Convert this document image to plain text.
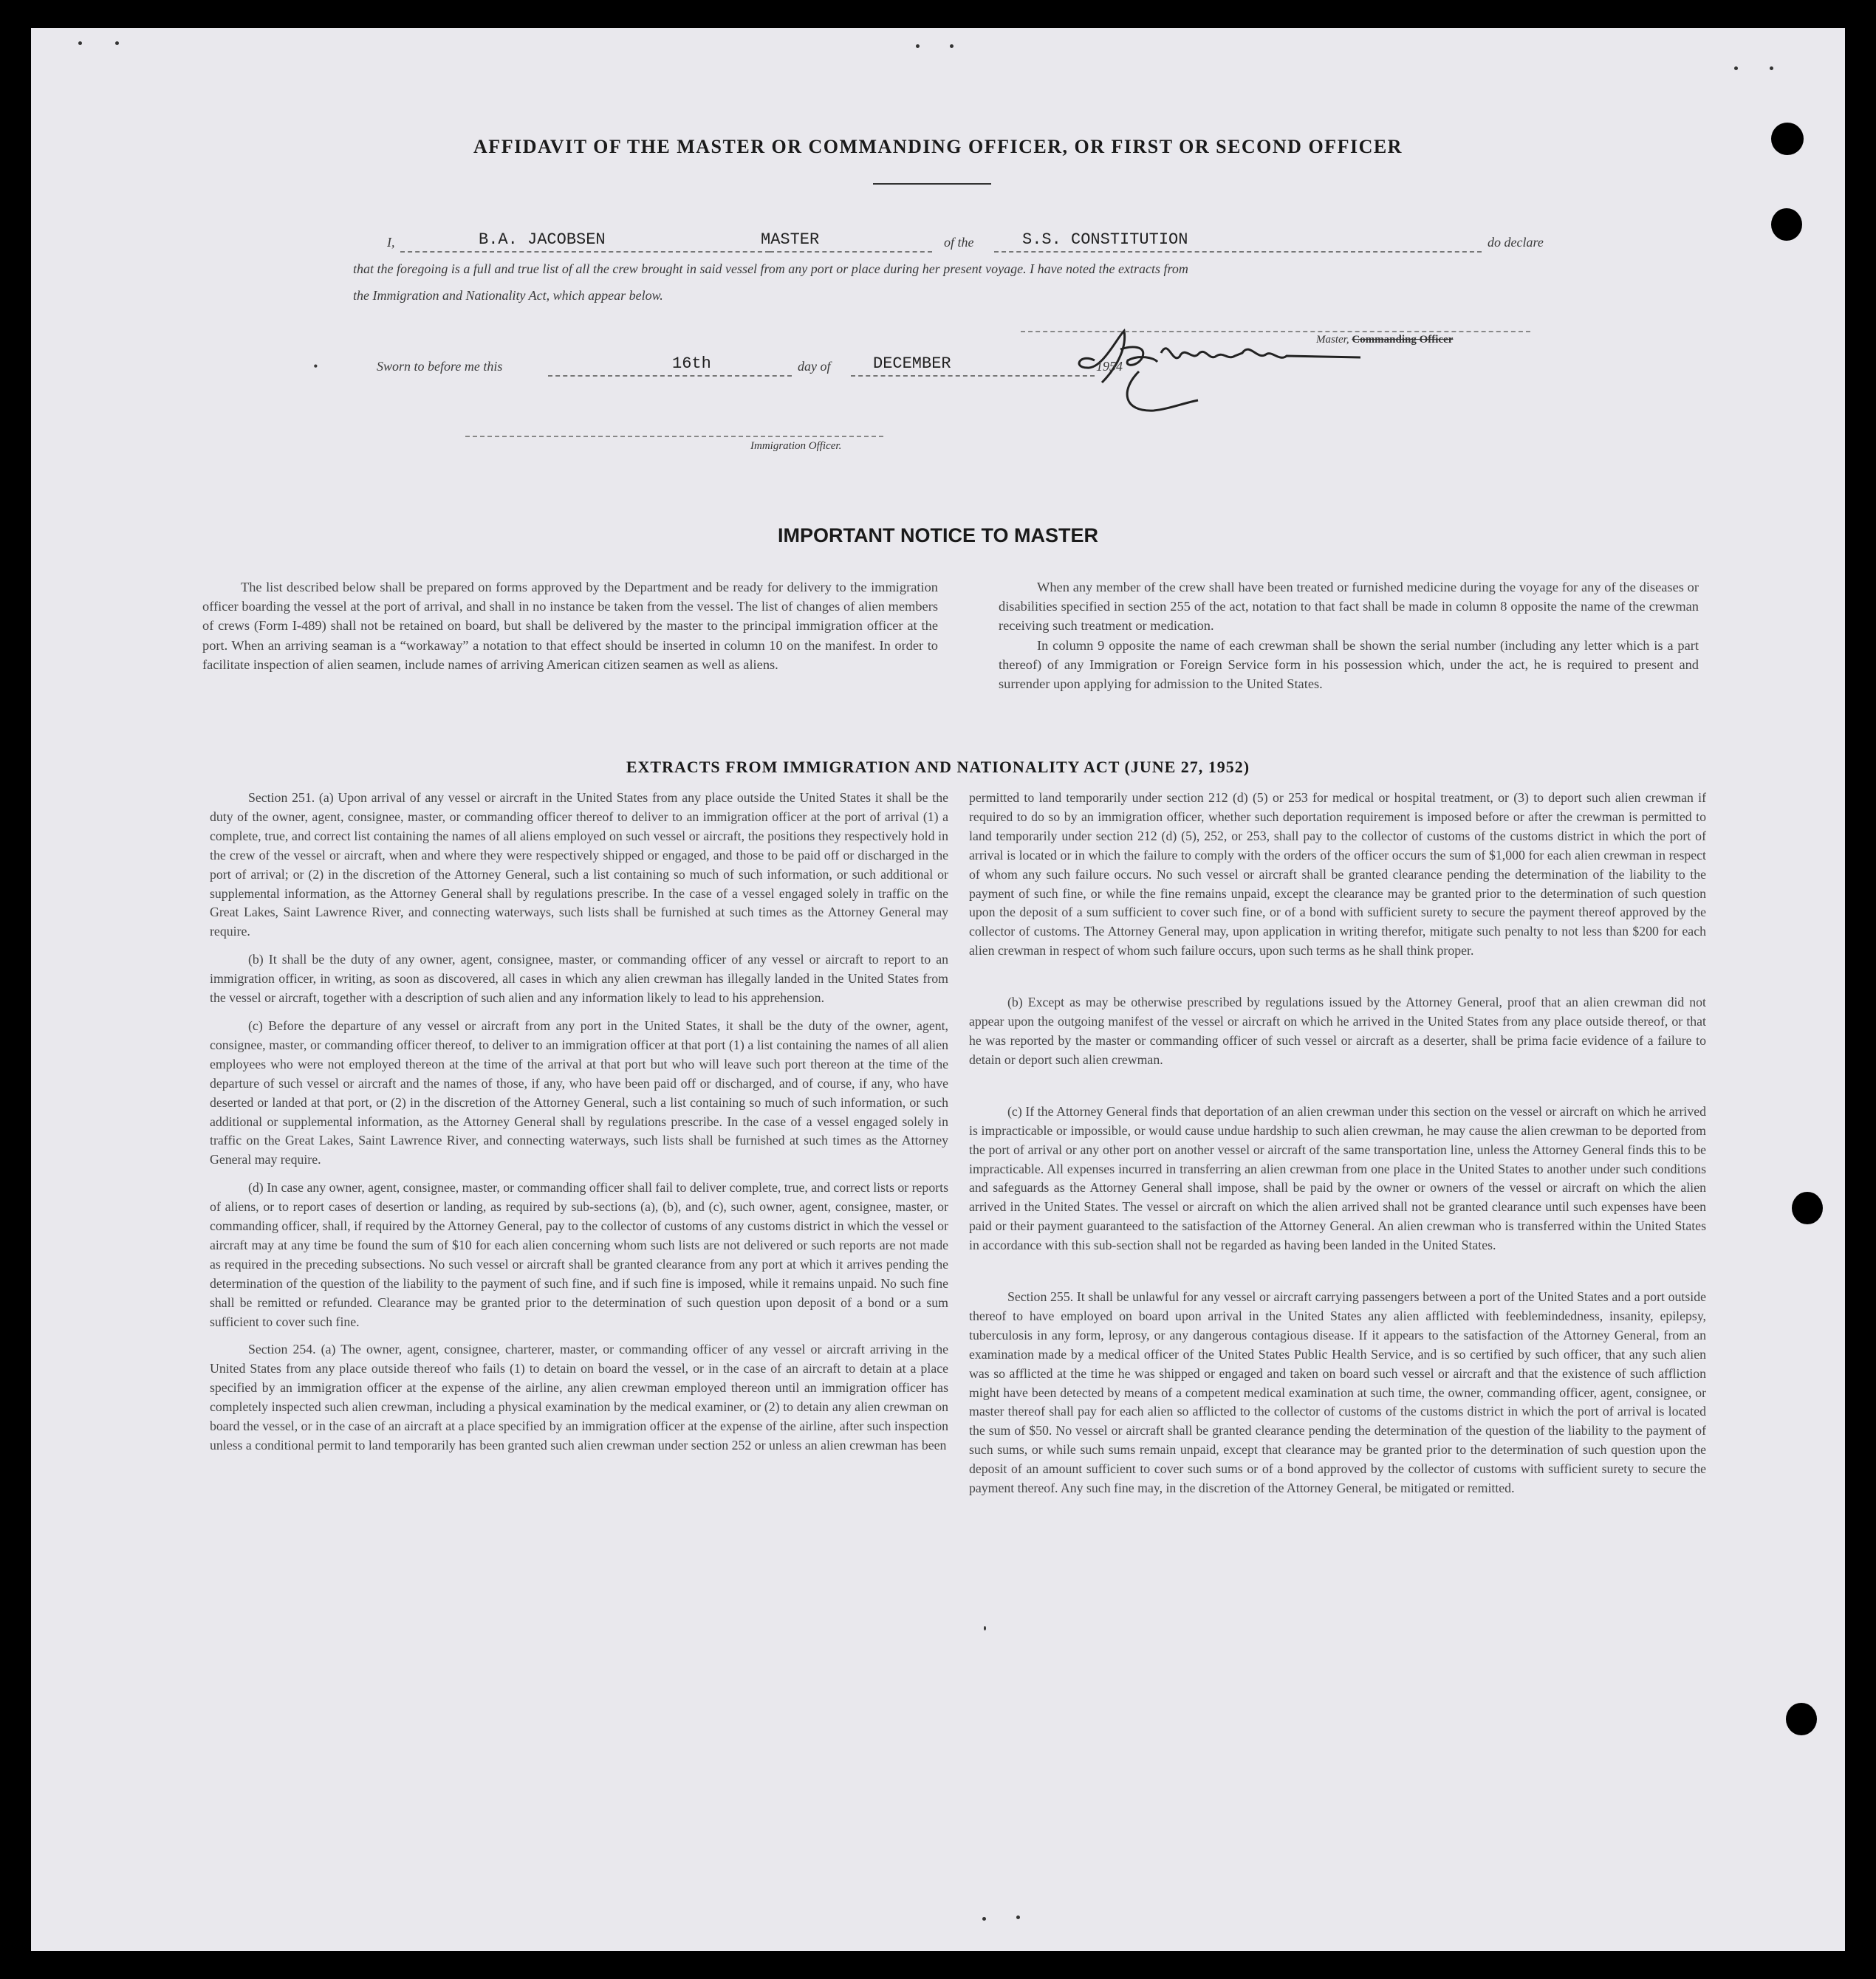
AFFIDAVIT OF THE MASTER OR COMMANDING OFFICER, OR FIRST OR SECOND OFFICER
I,	B.A. JACOBSEN	MASTER	of the	S.S. CONSTITUTION	do declare
that the foregoing is a full and true list of all the crew brought in said vessel from any port or place during her present voyage. I have noted the extracts from
the Immigration and Nationality Act, which appear below.
Master, Commanding Officer
•	Sworn to before me this	16th	day of	DECEMBER	1954
Immigration Officer.
IMPORTANT NOTICE TO MASTER

The list described below shall be prepared on forms approved by the Department and be ready for delivery to the immigration officer boarding the vessel at the port of arrival, and shall in no instance be taken from the vessel. The list of changes of alien members of crews (Form I-489) shall not be retained on board, but shall be delivered by the master to the principal immigration officer at the port. When an arriving seaman is a “workaway” a notation to that effect should be inserted in column 10 on the manifest. In order to facilitate inspection of alien seamen, include names of arriving American citizen seamen as well as aliens.

When any member of the crew shall have been treated or furnished medicine during the voyage for any of the diseases or disabilities specified in section 255 of the act, notation to that fact shall be made in column 8 opposite the name of the crewman receiving such treatment or medication.

In column 9 opposite the name of each crewman shall be shown the serial number (including any letter which is a part thereof) of any Immigration or Foreign Service form in his possession which, under the act, he is required to present and surrender upon applying for admission to the United States.

EXTRACTS FROM IMMIGRATION AND NATIONALITY ACT (JUNE 27, 1952)

Section 251. (a) Upon arrival of any vessel or aircraft in the United States from any place outside the United States it shall be the duty of the owner, agent, consignee, master, or commanding officer thereof to deliver to an immigration officer at the port of arrival (1) a complete, true, and correct list containing the names of all aliens employed on such vessel or aircraft, the positions they respectively hold in the crew of the vessel or aircraft, when and where they were respectively shipped or engaged, and those to be paid off or discharged in the port of arrival; or (2) in the discretion of the Attorney General, such a list containing so much of such information, or such additional or supplemental information, as the Attorney General shall by regulations prescribe. In the case of a vessel engaged solely in traffic on the Great Lakes, Saint Lawrence River, and connecting waterways, such lists shall be furnished at such times as the Attorney General may require.

(b) It shall be the duty of any owner, agent, consignee, master, or commanding officer of any vessel or aircraft to report to an immigration officer, in writing, as soon as discovered, all cases in which any alien crewman has illegally landed in the United States from the vessel or aircraft, together with a description of such alien and any information likely to lead to his apprehension.

(c) Before the departure of any vessel or aircraft from any port in the United States, it shall be the duty of the owner, agent, consignee, master, or commanding officer thereof, to deliver to an immigration officer at that port (1) a list containing the names of all alien employees who were not employed thereon at the time of the arrival at that port but who will leave such port thereon at the time of the departure of such vessel or aircraft and the names of those, if any, who have been paid off or discharged, and of course, if any, who have deserted or landed at that port, or (2) in the discretion of the Attorney General, such a list containing so much of such information, or such additional or supplemental information, as the Attorney General shall by regulations prescribe. In the case of a vessel engaged solely in traffic on the Great Lakes, Saint Lawrence River, and connecting waterways, such lists shall be furnished at such times as the Attorney General may require.

(d) In case any owner, agent, consignee, master, or commanding officer shall fail to deliver complete, true, and correct lists or reports of aliens, or to report cases of desertion or landing, as required by sub-sections (a), (b), and (c), such owner, agent, consignee, master, or commanding officer, shall, if required by the Attorney General, pay to the collector of customs of any customs district in which the vessel or aircraft may at any time be found the sum of $10 for each alien concerning whom such lists are not delivered or such reports are not made as required in the preceding subsections. No such vessel or aircraft shall be granted clearance from any port at which it arrives pending the determination of the question of the liability to the payment of such fine, and if such fine is imposed, while it remains unpaid. No such fine shall be remitted or refunded. Clearance may be granted prior to the determination of such question upon deposit of a bond or a sum sufficient to cover such fine.

Section 254. (a) The owner, agent, consignee, charterer, master, or commanding officer of any vessel or aircraft arriving in the United States from any place outside thereof who fails (1) to detain on board the vessel, or in the case of an aircraft to detain at a place specified by an immigration officer at the expense of the airline, any alien crewman employed thereon until an immigration officer has completely inspected such alien crewman, including a physical examination by the medical examiner, or (2) to detain any alien crewman on board the vessel, or in the case of an aircraft at a place specified by an immigration officer at the expense of the airline, after such inspection unless a conditional permit to land temporarily has been granted such alien crewman under section 252 or unless an alien crewman has been

permitted to land temporarily under section 212 (d) (5) or 253 for medical or hospital treatment, or (3) to deport such alien crewman if required to do so by an immigration officer, whether such deportation requirement is imposed before or after the crewman is permitted to land temporarily under section 212 (d) (5), 252, or 253, shall pay to the collector of customs of the customs district in which the port of arrival is located or in which the failure to comply with the orders of the officer occurs the sum of $1,000 for each alien crewman in respect of whom any such failure occurs. No such vessel or aircraft shall be granted clearance pending the determination of the liability to the payment of such fine, or while the fine remains unpaid, except the clearance may be granted prior to the determination of such question upon the deposit of a sum sufficient to cover such fine, or of a bond with sufficient surety to secure the payment thereof approved by the collector of customs. The Attorney General may, upon application in writing therefor, mitigate such penalty to not less than $200 for each alien crewman in respect of whom such failure occurs, upon such terms as he shall think proper.

(b) Except as may be otherwise prescribed by regulations issued by the Attorney General, proof that an alien crewman did not appear upon the outgoing manifest of the vessel or aircraft on which he arrived in the United States from any place outside thereof, or that he was reported by the master or commanding officer of such vessel or aircraft as a deserter, shall be prima facie evidence of a failure to detain or deport such alien crewman.

(c) If the Attorney General finds that deportation of an alien crewman under this section on the vessel or aircraft on which he arrived is impracticable or impossible, or would cause undue hardship to such alien crewman, he may cause the alien crewman to be deported from the port of arrival or any other port on another vessel or aircraft of the same transportation line, unless the Attorney General finds this to be impracticable. All expenses incurred in transferring an alien crewman from one place in the United States to another under such conditions and safeguards as the Attorney General shall impose, shall be paid by the owner or owners of the vessel or aircraft on which the alien arrived in the United States. The vessel or aircraft on which the alien arrived shall not be granted clearance until such expenses have been paid or their payment guaranteed to the satisfaction of the Attorney General. An alien crewman who is transferred within the United States in accordance with this sub-section shall not be regarded as having been landed in the United States.

Section 255. It shall be unlawful for any vessel or aircraft carrying passengers between a port of the United States and a port outside thereof to have employed on board upon arrival in the United States any alien afflicted with feeblemindedness, insanity, epilepsy, tuberculosis in any form, leprosy, or any dangerous contagious disease. If it appears to the satisfaction of the Attorney General, from an examination made by a medical officer of the United States Public Health Service, and is so certified by such officer, that any such alien was so afflicted at the time he was shipped or engaged and taken on board such vessel or aircraft and that the existence of such affliction might have been detected by means of a competent medical examination at such time, the owner, commanding officer, agent, consignee, or master thereof shall pay for each alien so afflicted to the collector of customs of the customs district in which the port of arrival is located the sum of $50. No vessel or aircraft shall be granted clearance pending the determination of the question of the liability to the payment of such sums, or while such sums remain unpaid, except that clearance may be granted prior to the determination of such question upon the deposit of an amount sufficient to cover such sums or of a bond approved by the collector of customs with sufficient surety to secure the payment thereof. Any such fine may, in the discretion of the Attorney General, be mitigated or remitted.
